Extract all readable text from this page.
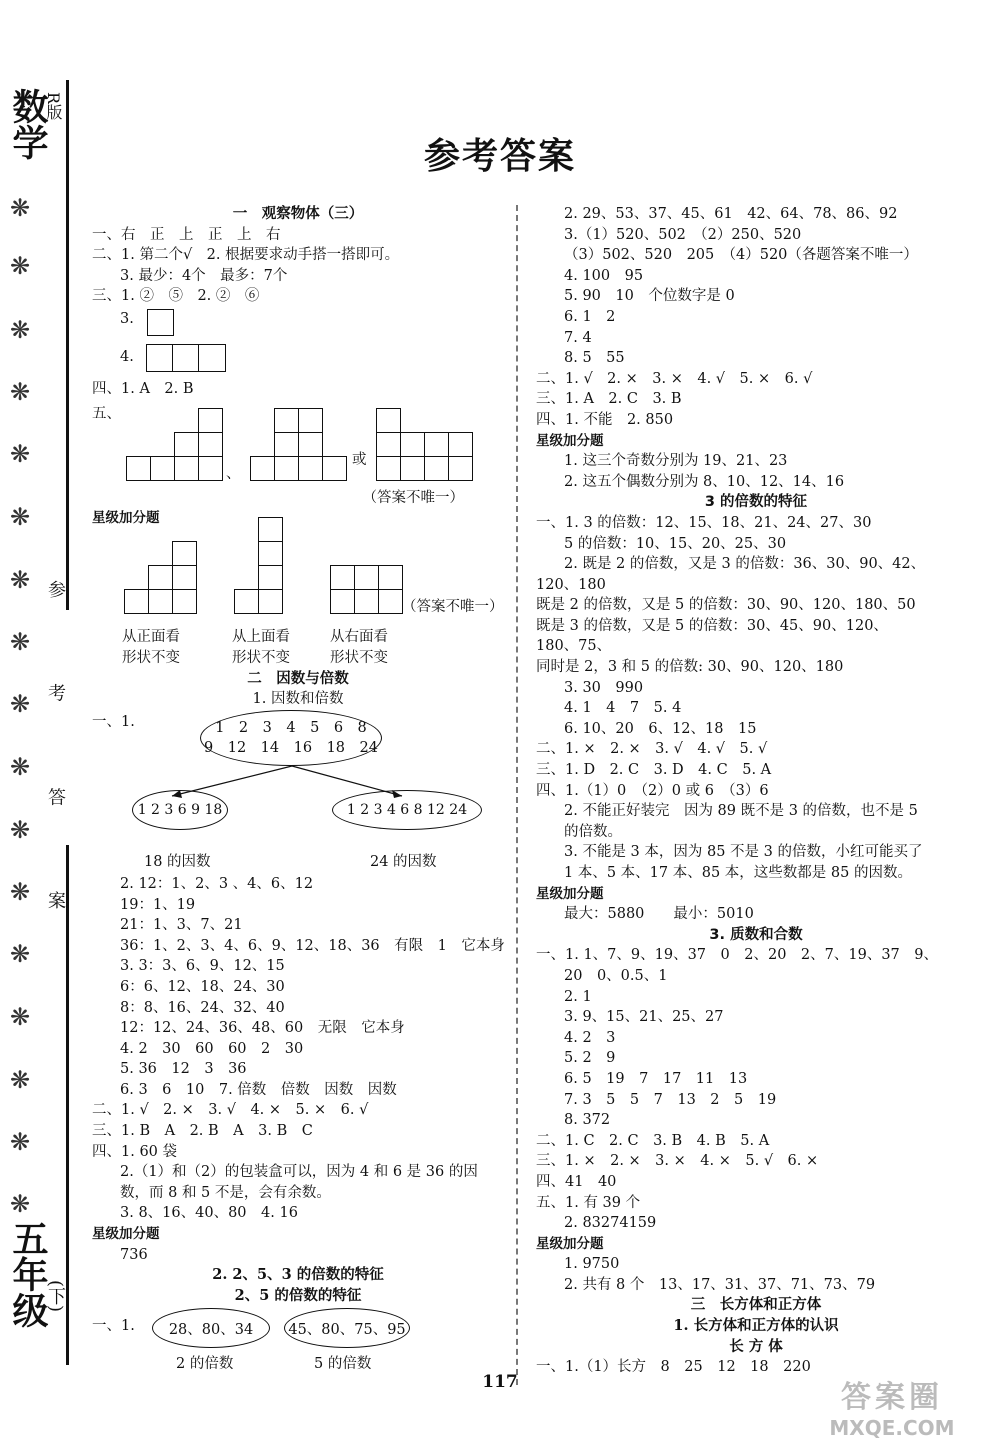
数学
R版
参 考 答 案
五年级
(下)
❋
❋
❋
❋
❋
❋
❋
❋
❋
❋
❋
❋
❋
❋
❋
❋
❋
参考答案
一　观察物体（三）
一、右　正　上　正　上　右
二、1. 第二个√　2. 根据要求动手搭一搭即可。
3. 最少：4个　最多：7个
三、1. ②　⑤　2. ②　⑥
3.
4.
四、1. A　2. B
五、
、
或
（答案不唯一）
星级加分题
（答案不唯一）
从正面看
形状不变
从上面看
形状不变
从右面看
形状不变
二　因数与倍数
1. 因数和倍数
一、1.	1　2　3　4　5　6　8
9　12　14　16　18　24
1 2 3 6 9 18	1 2 3 4 6 8 12 24
18 的因数	24 的因数
2. 12：1、2、3 、4、6、12
19：1、19
21：1、3、7、21
36：1、2、3、4、6、9、12、18、36　有限　1　它本身
3. 3：3、6、9、12、15
6：6、12、18、24、30
8：8、16、24、32、40
12：12、24、36、48、60　无限　它本身
4. 2　30　60　60　2　30
5. 36　12　3　36
6. 3　6　10　7. 倍数　倍数　因数　因数
二、1. √　2. ×　3. √　4. ×　5. ×　6. √
三、1. B　A　2. B　A　3. B　C
四、1. 60 袋
2.（1）和（2）的包装盒可以，因为 4 和 6 是 36 的因
数，而 8 和 5 不是，会有余数。
3. 8、16、40、80　4. 16
星级加分题
736
2. 2、5、3 的倍数的特征
2、5 的倍数的特征
一、1.	28、80、34	45、80、75、95
2 的倍数	5 的倍数
2. 29、53、37、45、61　42、64、78、86、92
3.（1）520、502　（2）250、520
（3）502、520　205　（4）520（各题答案不唯一）
4. 100　95
5. 90　10　个位数字是 0
6. 1　2
7. 4
8. 5　55
二、1. √　2. ×　3. ×　4. √　5. ×　6. √
三、1. A　2. C　3. B
四、1. 不能　2. 850
星级加分题
1. 这三个奇数分别为 19、21、23
2. 这五个偶数分别为 8、10、12、14、16
3 的倍数的特征
一、1. 3 的倍数：12、15、18、21、24、27、30
5 的倍数：10、15、20、25、30
2. 既是 2 的倍数，又是 3 的倍数：36、30、90、42、
120、180
既是 2 的倍数，又是 5 的倍数：30、90、120、180、50
既是 3 的倍数，又是 5 的倍数：30、45、90、120、
180、75、
同时是 2，3 和 5 的倍数: 30、90、120、180
3. 30　990
4. 1　4　7　5. 4
6. 10、20　6、12、18　15
二、1. ×　2. ×　3. √　4. √　5. √
三、1. D　2. C　3. D　4. C　5. A
四、1.（1）0　（2）0 或 6　（3）6
2. 不能正好装完　因为 89 既不是 3 的倍数，也不是 5
的倍数。
3. 不能是 3 本，因为 85 不是 3 的倍数，小红可能买了
1 本、5 本、17 本、85 本，这些数都是 85 的因数。
星级加分题
最大：5880　　最小：5010
3. 质数和合数
一、1. 1、7、9、19、37　0　2、20　2、7、19、37　9、
20　0、0.5、1
2. 1
3. 9、15、21、25、27
4. 2　3
5. 2　9
6. 5　19　7　17　11　13
7. 3　5　5　7　13　2　5　19
8. 372
二、1. C　2. C　3. B　4. B　5. A
三、1. ×　2. ×　3. ×　4. ×　5. √　6. ×
四、41　40
五、1. 有 39 个
2. 83274159
星级加分题
1. 9750
2. 共有 8 个　13、17、31、37、71、73、79
三　长方体和正方体
1. 长方体和正方体的认识
长 方 体
一、1.（1）长方　8　25　12　18　220
117	答案圈
MXQE.COM
